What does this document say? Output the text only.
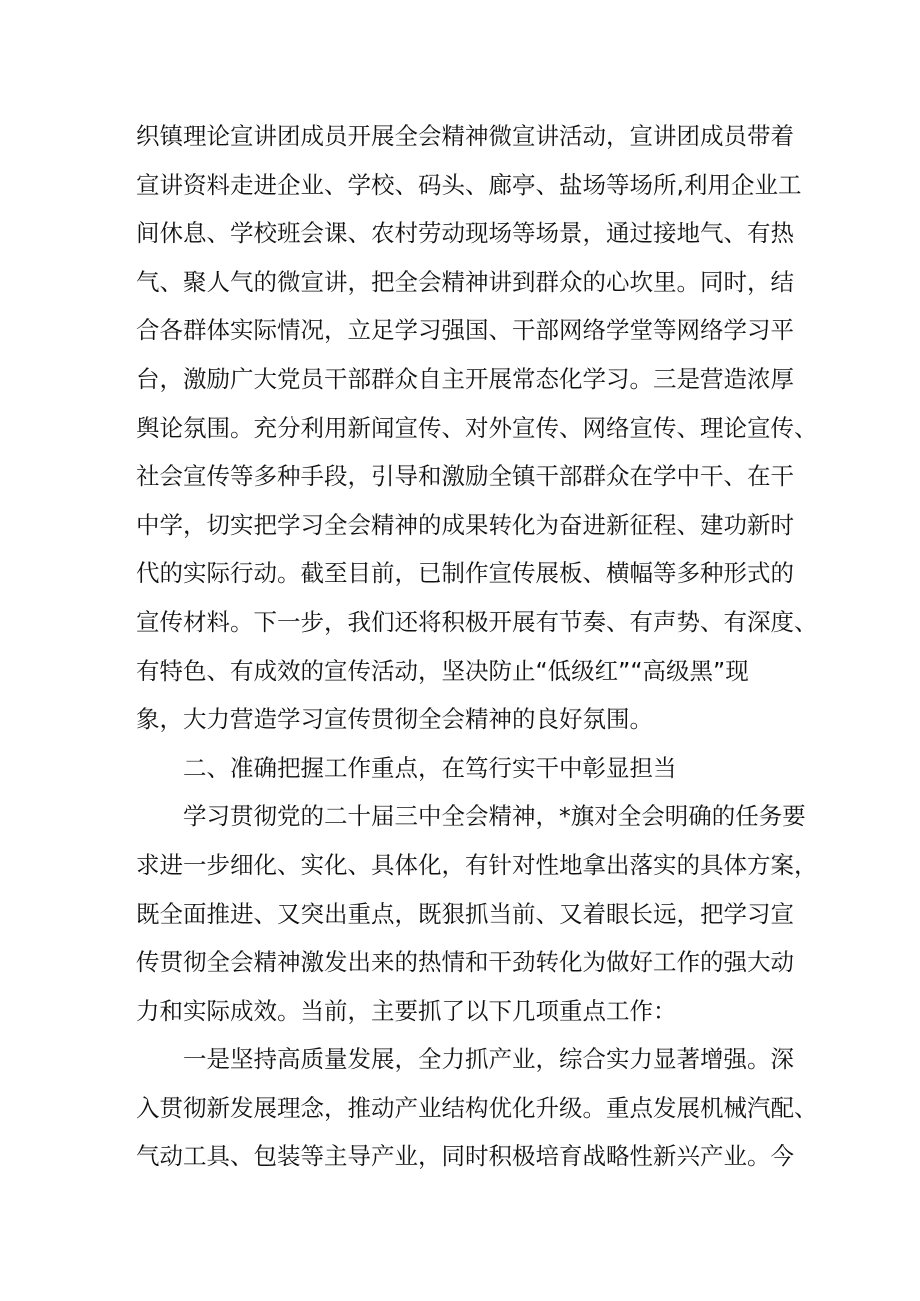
织镇理论宣讲团成员开展全会精神微宣讲活动，宣讲团成员带着
宣讲资料走进企业、学校、码头、廊亭、盐场等场所,利用企业工
间休息、学校班会课、农村劳动现场等场景，通过接地气、有热
气、聚人气的微宣讲，把全会精神讲到群众的心坎里。同时，结
合各群体实际情况，立足学习强国、干部网络学堂等网络学习平
台，激励广大党员干部群众自主开展常态化学习。三是营造浓厚
舆论氛围。充分利用新闻宣传、对外宣传、网络宣传、理论宣传、
社会宣传等多种手段，引导和激励全镇干部群众在学中干、在干
中学，切实把学习全会精神的成果转化为奋进新征程、建功新时
代的实际行动。截至目前，已制作宣传展板、横幅等多种形式的
宣传材料。下一步，我们还将积极开展有节奏、有声势、有深度、
有特色、有成效的宣传活动，坚决防止“低级红”“高级黑”现
象，大力营造学习宣传贯彻全会精神的良好氛围。
二、准确把握工作重点，在笃行实干中彰显担当
学习贯彻党的二十届三中全会精神，*旗对全会明确的任务要
求进一步细化、实化、具体化，有针对性地拿出落实的具体方案，
既全面推进、又突出重点，既狠抓当前、又着眼长远，把学习宣
传贯彻全会精神激发出来的热情和干劲转化为做好工作的强大动
力和实际成效。当前，主要抓了以下几项重点工作：
一是坚持高质量发展，全力抓产业，综合实力显著增强。深
入贯彻新发展理念，推动产业结构优化升级。重点发展机械汽配、
气动工具、包装等主导产业，同时积极培育战略性新兴产业。今
